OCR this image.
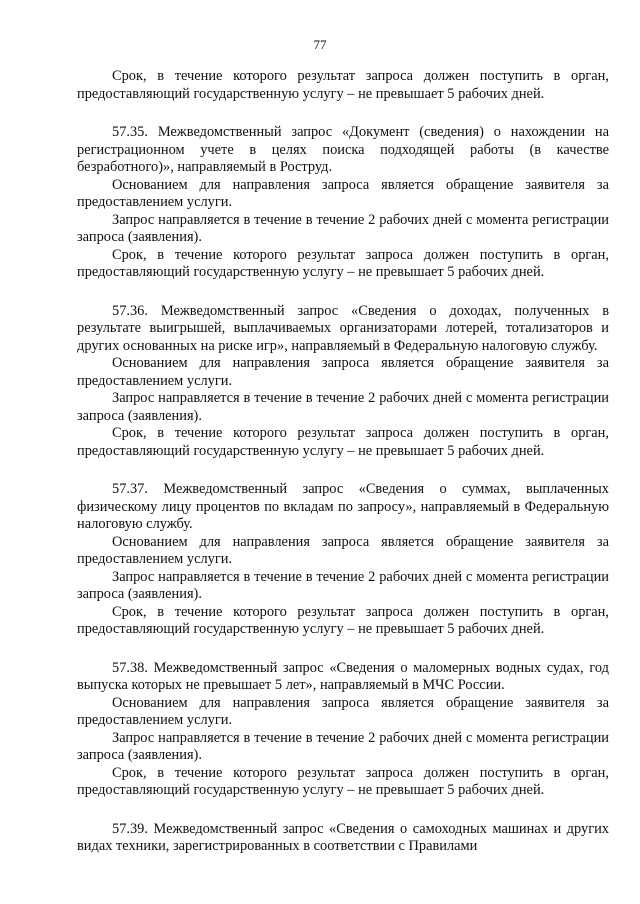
77

Срок, в течение которого результат запроса должен поступить в орган, предоставляющий государственную услугу – не превышает 5 рабочих дней.

57.35. Межведомственный запрос «Документ (сведения) о нахождении на регистрационном учете в целях поиска подходящей работы (в качестве безработного)», направляемый в Роструд.

Основанием для направления запроса является обращение заявителя за предоставлением услуги.

Запрос направляется в течение в течение 2 рабочих дней с момента регистрации запроса (заявления).

Срок, в течение которого результат запроса должен поступить в орган, предоставляющий государственную услугу – не превышает 5 рабочих дней.

57.36. Межведомственный запрос «Сведения о доходах, полученных в результате выигрышей, выплачиваемых организаторами лотерей, тотализаторов и других основанных на риске игр», направляемый в Федеральную налоговую службу.

Основанием для направления запроса является обращение заявителя за предоставлением услуги.

Запрос направляется в течение в течение 2 рабочих дней с момента регистрации запроса (заявления).

Срок, в течение которого результат запроса должен поступить в орган, предоставляющий государственную услугу – не превышает 5 рабочих дней.

57.37. Межведомственный запрос «Сведения о суммах, выплаченных физическому лицу процентов по вкладам по запросу», направляемый в Федеральную налоговую службу.

Основанием для направления запроса является обращение заявителя за предоставлением услуги.

Запрос направляется в течение в течение 2 рабочих дней с момента регистрации запроса (заявления).

Срок, в течение которого результат запроса должен поступить в орган, предоставляющий государственную услугу – не превышает 5 рабочих дней.

57.38. Межведомственный запрос «Сведения о маломерных водных судах, год выпуска которых не превышает 5 лет», направляемый в МЧС России.

Основанием для направления запроса является обращение заявителя за предоставлением услуги.

Запрос направляется в течение в течение 2 рабочих дней с момента регистрации запроса (заявления).

Срок, в течение которого результат запроса должен поступить в орган, предоставляющий государственную услугу – не превышает 5 рабочих дней.

57.39. Межведомственный запрос «Сведения о самоходных машинах и других видах техники, зарегистрированных в соответствии с Правилами
